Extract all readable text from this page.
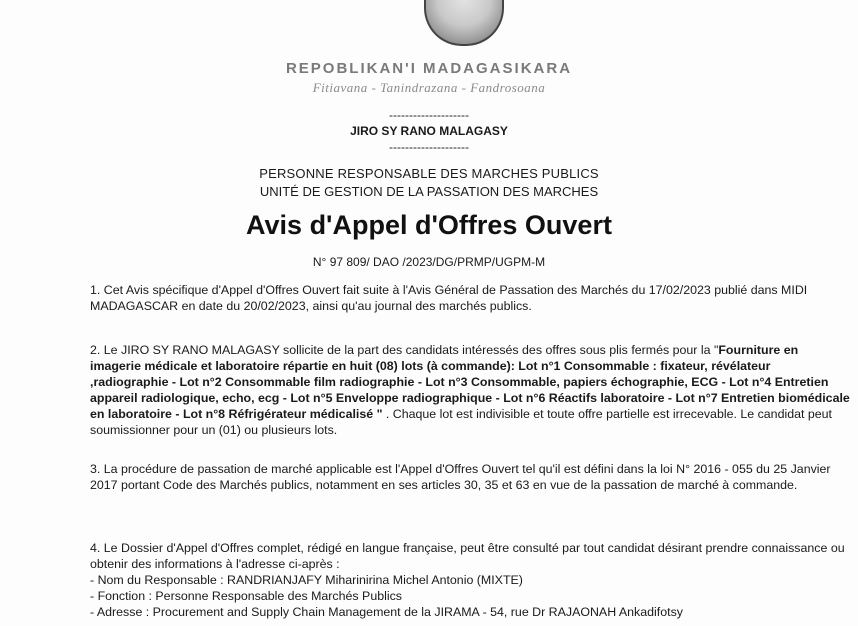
REPOBLIKAN'I MADAGASIKARA
Fitiavana - Tanindrazana - Fandrosoana
--------------------
JIRO SY RANO MALAGASY
--------------------
PERSONNE RESPONSABLE DES MARCHES PUBLICS
UNITÉ DE GESTION DE LA PASSATION DES MARCHES
Avis d'Appel d'Offres Ouvert
N° 97 809/ DAO /2023/DG/PRMP/UGPM-M
1. Cet Avis spécifique d'Appel d'Offres Ouvert fait suite à l'Avis Général de Passation des Marchés du 17/02/2023 publié dans MIDI MADAGASCAR en date du 20/02/2023, ainsi qu'au journal des marchés publics.
2. Le JIRO SY RANO MALAGASY sollicite de la part des candidats intéressés des offres sous plis fermés pour la "Fourniture en imagerie médicale et laboratoire répartie en huit (08) lots (à commande): Lot n°1 Consommable : fixateur, révélateur ,radiographie - Lot n°2 Consommable film radiographie - Lot n°3 Consommable, papiers échographie, ECG - Lot n°4 Entretien appareil radiologique, echo, ecg - Lot n°5 Enveloppe radiographique - Lot n°6 Réactifs laboratoire - Lot n°7 Entretien biomédicale en laboratoire - Lot n°8 Réfrigérateur médicalisé " . Chaque lot est indivisible et toute offre partielle est irrecevable. Le candidat peut soumissionner pour un (01) ou plusieurs lots.
3. La procédure de passation de marché applicable est l'Appel d'Offres Ouvert tel qu'il est défini dans la loi N° 2016 - 055 du 25 Janvier 2017 portant Code des Marchés publics, notamment en ses articles 30, 35 et 63 en vue de la passation de marché à commande.
4. Le Dossier d'Appel d'Offres complet, rédigé en langue française, peut être consulté par tout candidat désirant prendre connaissance ou obtenir des informations à l'adresse ci-après :
- Nom du Responsable : RANDRIANJAFY Miharinirina Michel Antonio (MIXTE)
- Fonction : Personne Responsable des Marchés Publics
- Adresse : Procurement and Supply Chain Management de la JIRAMA - 54, rue Dr RAJAONAH Ankadifotsy
